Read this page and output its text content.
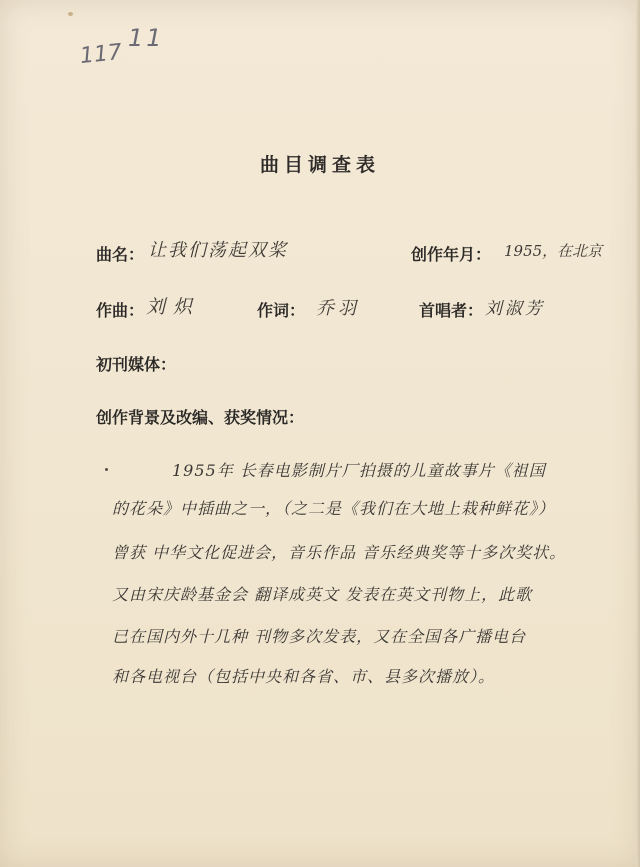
117
11
曲目调查表
曲名： 让我们荡起双桨	创作年月： 1955，在北京
作曲： 刘炽	作词： 乔羽	首唱者： 刘淑芳
初刊媒体：
创作背景及改编、获奖情况：
1955年 长春电影制片厂拍摄的儿童故事片《祖国
的花朵》中插曲之一，（之二是《我们在大地上栽种鲜花》）
曾获 中华文化促进会，音乐作品 音乐经典奖等十多次奖状。
又由宋庆龄基金会 翻译成英文 发表在英文刊物上，此歌
已在国内外十几种 刊物多次发表，又在全国各广播电台
和各电视台（包括中央和各省、市、县多次播放）。
